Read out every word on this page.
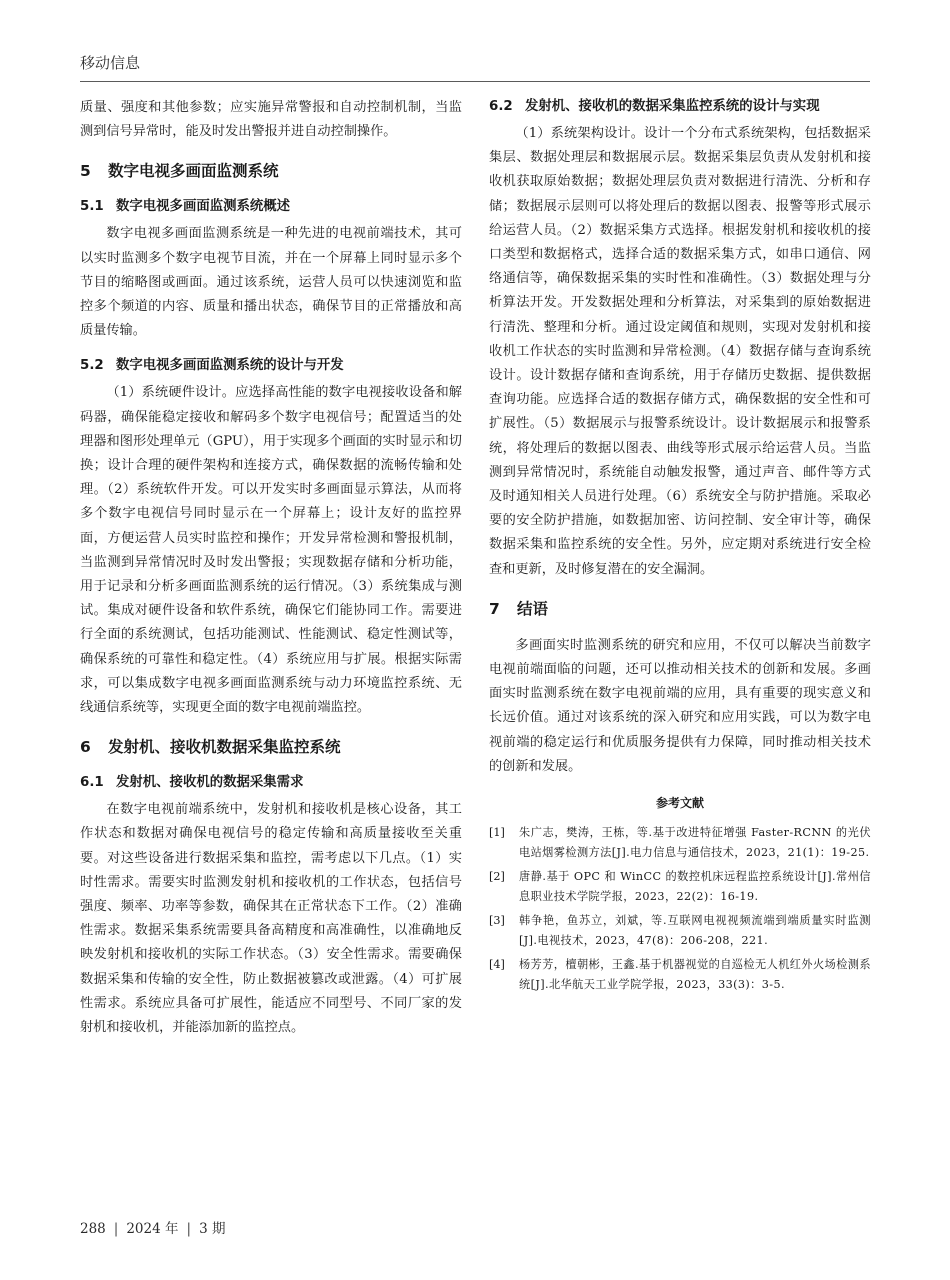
移动信息

质量、强度和其他参数；应实施异常警报和自动控制机制，当监测到信号异常时，能及时发出警报并进自动控制操作。

5	数字电视多画面监测系统
5.1 数字电视多画面监测系统概述

数字电视多画面监测系统是一种先进的电视前端技术，其可以实时监测多个数字电视节目流，并在一个屏幕上同时显示多个节目的缩略图或画面。通过该系统，运营人员可以快速浏览和监控多个频道的内容、质量和播出状态，确保节目的正常播放和高质量传输。

5.2 数字电视多画面监测系统的设计与开发

（1）系统硬件设计。应选择高性能的数字电视接收设备和解码器，确保能稳定接收和解码多个数字电视信号；配置适当的处理器和图形处理单元（GPU），用于实现多个画面的实时显示和切换；设计合理的硬件架构和连接方式，确保数据的流畅传输和处理。（2）系统软件开发。可以开发实时多画面显示算法，从而将多个数字电视信号同时显示在一个屏幕上；设计友好的监控界面，方便运营人员实时监控和操作；开发异常检测和警报机制，当监测到异常情况时及时发出警报；实现数据存储和分析功能，用于记录和分析多画面监测系统的运行情况。（3）系统集成与测试。集成对硬件设备和软件系统，确保它们能协同工作。需要进行全面的系统测试，包括功能测试、性能测试、稳定性测试等，确保系统的可靠性和稳定性。（4）系统应用与扩展。根据实际需求，可以集成数字电视多画面监测系统与动力环境监控系统、无线通信系统等，实现更全面的数字电视前端监控。

6	发射机、接收机数据采集监控系统
6.1 发射机、接收机的数据采集需求

在数字电视前端系统中，发射机和接收机是核心设备，其工作状态和数据对确保电视信号的稳定传输和高质量接收至关重要。对这些设备进行数据采集和监控，需考虑以下几点。（1）实时性需求。需要实时监测发射机和接收机的工作状态，包括信号强度、频率、功率等参数，确保其在正常状态下工作。（2）准确性需求。数据采集系统需要具备高精度和高准确性，以准确地反映发射机和接收机的实际工作状态。（3）安全性需求。需要确保数据采集和传输的安全性，防止数据被篡改或泄露。（4）可扩展性需求。系统应具备可扩展性，能适应不同型号、不同厂家的发射机和接收机，并能添加新的监控点。

6.2 发射机、接收机的数据采集监控系统的设计与实现

（1）系统架构设计。设计一个分布式系统架构，包括数据采集层、数据处理层和数据展示层。数据采集层负责从发射机和接收机获取原始数据；数据处理层负责对数据进行清洗、分析和存储；数据展示层则可以将处理后的数据以图表、报警等形式展示给运营人员。（2）数据采集方式选择。根据发射机和接收机的接口类型和数据格式，选择合适的数据采集方式，如串口通信、网络通信等，确保数据采集的实时性和准确性。（3）数据处理与分析算法开发。开发数据处理和分析算法，对采集到的原始数据进行清洗、整理和分析。通过设定阈值和规则，实现对发射机和接收机工作状态的实时监测和异常检测。（4）数据存储与查询系统设计。设计数据存储和查询系统，用于存储历史数据、提供数据查询功能。应选择合适的数据存储方式，确保数据的安全性和可扩展性。（5）数据展示与报警系统设计。设计数据展示和报警系统，将处理后的数据以图表、曲线等形式展示给运营人员。当监测到异常情况时，系统能自动触发报警，通过声音、邮件等方式及时通知相关人员进行处理。（6）系统安全与防护措施。采取必要的安全防护措施，如数据加密、访问控制、安全审计等，确保数据采集和监控系统的安全性。另外，应定期对系统进行安全检查和更新，及时修复潜在的安全漏洞。

7	结语

多画面实时监测系统的研究和应用，不仅可以解决当前数字电视前端面临的问题，还可以推动相关技术的创新和发展。多画面实时监测系统在数字电视前端的应用，具有重要的现实意义和长远价值。通过对该系统的深入研究和应用实践，可以为数字电视前端的稳定运行和优质服务提供有力保障，同时推动相关技术的创新和发展。

参考文献
[1]	朱广志，樊涛，王栋，等.基于改进特征增强 Faster-RCNN 的光伏电站烟雾检测方法[J].电力信息与通信技术，2023，21(1)：19-25.
[2]	唐静.基于 OPC 和 WinCC 的数控机床远程监控系统设计[J].常州信息职业技术学院学报，2023，22(2)：16-19.
[3]	韩争艳，鱼苏立，刘斌，等.互联网电视视频流端到端质量实时监测[J].电视技术，2023，47(8)：206-208，221.
[4]	杨芳芳，檀朝彬，王鑫.基于机器视觉的自巡检无人机红外火场检测系统[J].北华航天工业学院学报，2023，33(3)：3-5.
288 | 2024 年 | 3 期
